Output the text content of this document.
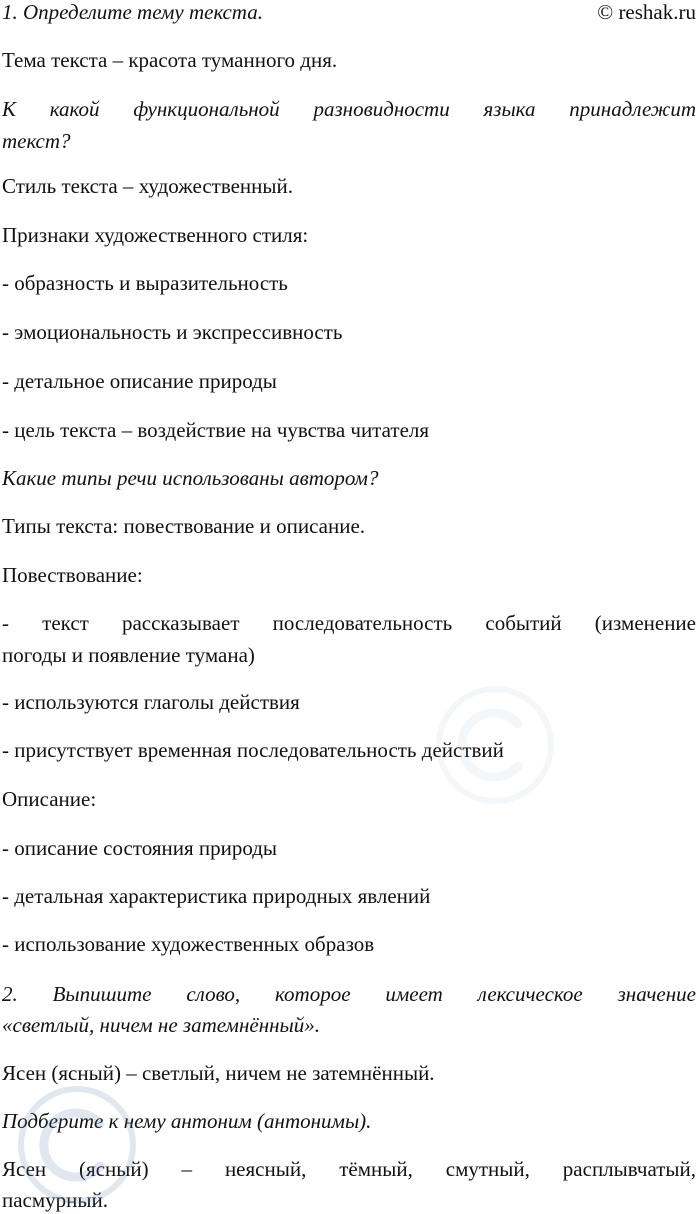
1. Определите тему текста.	© reshak.ru

Тема текста – красота туманного дня.

К какой функциональной разновидности языка принадлежит

текст?

Стиль текста – художественный.

Признаки художественного стиля:

- образность и выразительность

- эмоциональность и экспрессивность

- детальное описание природы

- цель текста – воздействие на чувства читателя

Какие типы речи использованы автором?

Типы текста: повествование и описание.

Повествование:

- текст рассказывает последовательность событий (изменение

погоды и появление тумана)

- используются глаголы действия

- присутствует временная последовательность действий

Описание:

- описание состояния природы

- детальная характеристика природных явлений

- использование художественных образов

2. Выпишите слово, которое имеет лексическое значение

«светлый, ничем не затемнённый».

Ясен (ясный) – светлый, ничем не затемнённый.

Подберите к нему антоним (антонимы).

Ясен (ясный) – неясный, тёмный, смутный, расплывчатый,

пасмурный.
